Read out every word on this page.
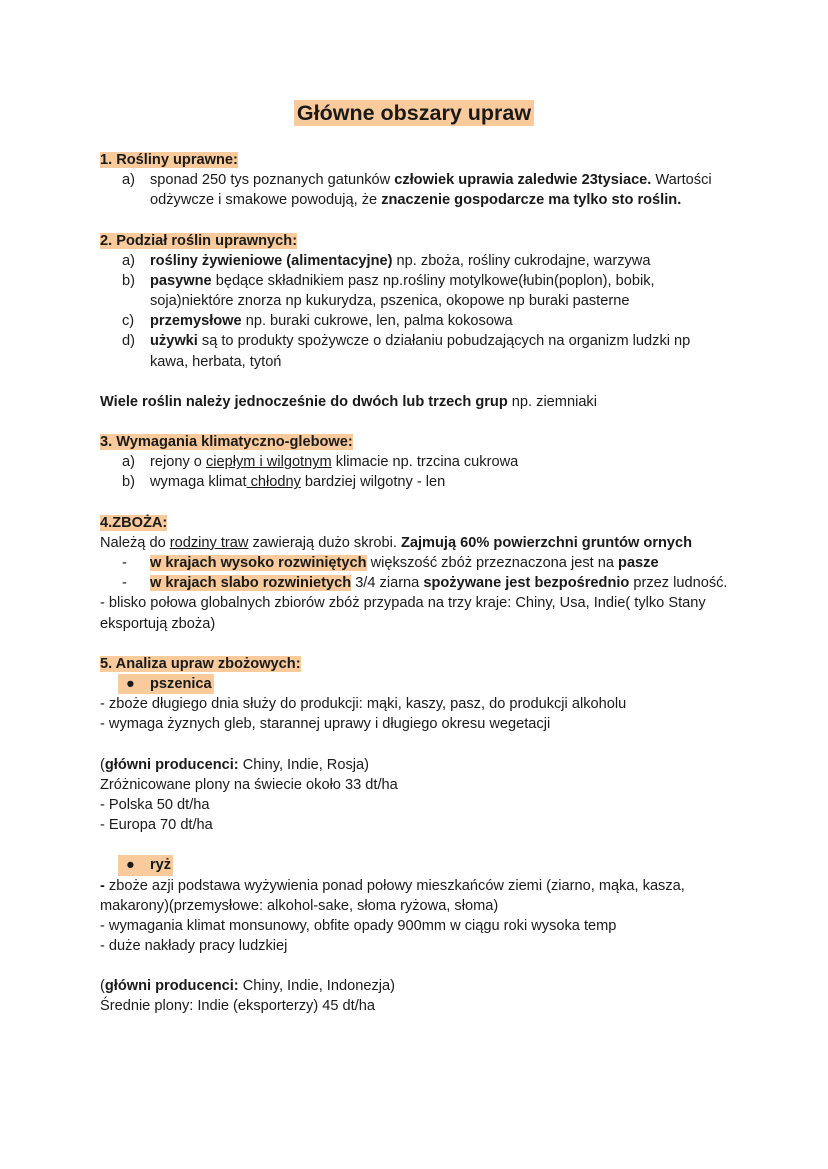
Główne obszary upraw
1. Rośliny uprawne:
a) sponad 250 tys poznanych gatunków człowiek uprawia zaledwie 23tysiace. Wartości odżywcze i smakowe powodują, że znaczenie gospodarcze ma tylko sto roślin.
2. Podział roślin uprawnych:
a) rośliny żywieniowe (alimentacyjne) np. zboża, rośliny cukrodajne, warzywa
b) pasywne będące składnikiem pasz np.rośliny motylkowe(łubin(poplon), bobik, soja)niektóre znorza np kukurydza, pszenica, okopowe np buraki pasterne
c) przemysłowe np. buraki cukrowe, len, palma kokosowa
d) używki są to produkty spożywcze o działaniu pobudzających na organizm ludzki np kawa, herbata, tytoń
Wiele roślin należy jednocześnie do dwóch lub trzech grup np. ziemniaki
3. Wymagania klimatyczno-glebowe:
a) rejony o ciepłym i wilgotnym klimacie np. trzcina cukrowa
b) wymaga klimat chłodny bardziej wilgotny - len
4.ZBOŻA:
Należą do rodziny traw zawierają dużo skrobi. Zajmują 60% powierzchni gruntów ornych
- w krajach wysoko rozwiniętych większość zbóż przeznaczona jest na pasze
- w krajach slabo rozwinietych 3/4 ziarna spożywane jest bezpośrednio przez ludność.
- blisko połowa globalnych zbiorów zbóż przypada na trzy kraje: Chiny, Usa, Indie( tylko Stany eksportują zboża)
5. Analiza upraw zbożowych:
● pszenica
- zboże długiego dnia służy do produkcji: mąki, kaszy, pasz, do produkcji alkoholu
- wymaga żyznych gleb, starannej uprawy i długiego okresu wegetacji
(główni producenci: Chiny, Indie, Rosja)
Zróżnicowane plony na świecie około 33 dt/ha
- Polska 50 dt/ha
- Europa 70 dt/ha
● ryż
- zboże azji podstawa wyżywienia ponad połowy mieszkańców ziemi (ziarno, mąka, kasza, makarony)(przemysłowe: alkohol-sake, słoma ryżowa, słoma)
- wymagania klimat monsunowy, obfite opady 900mm w ciągu roki wysoka temp
- duże nakłady pracy ludzkiej
(główni producenci: Chiny, Indie, Indonezja)
Średnie plony: Indie (eksporterzy) 45 dt/ha
